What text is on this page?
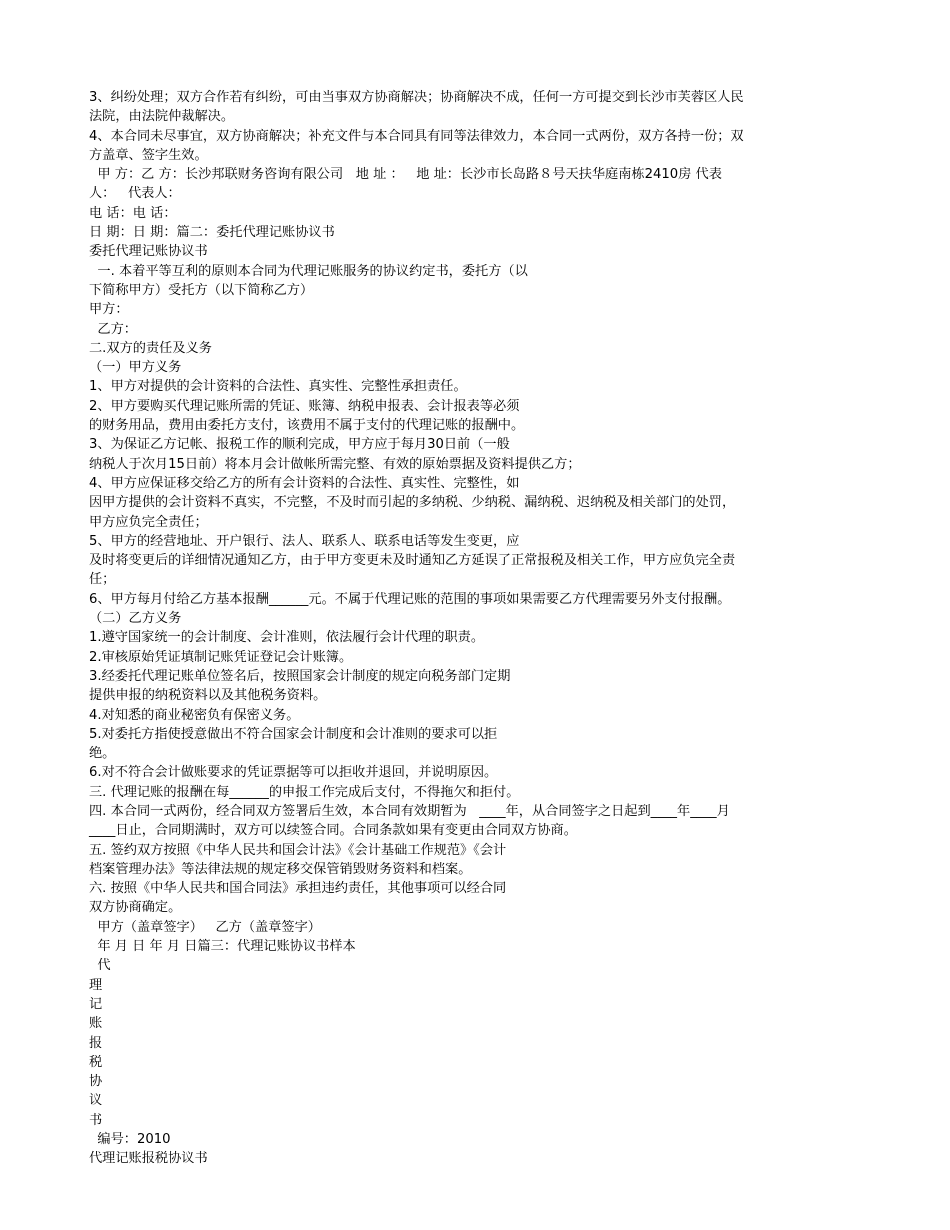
3、纠纷处理；双方合作若有纠纷，可由当事双方协商解决；协商解决不成，任何一方可提交到长沙市芙蓉区人民
法院，由法院仲裁解决。
4、本合同未尽事宜，双方协商解决；补充文件与本合同具有同等法律效力，本合同一式两份，双方各持一份；双
方盖章、签字生效。
甲 方：乙 方：长沙邦联财务咨询有限公司   地 址 ：   地 址：长沙市长岛路８号天扶华庭南栋2410房 代表
人：   代表人：
电 话：电 话：
日 期：日 期：篇二：委托代理记账协议书
委托代理记账协议书
一. 本着平等互利的原则本合同为代理记账服务的协议约定书，委托方（以
下简称甲方）受托方（以下简称乙方）
甲方：
乙方：
二.双方的责任及义务
（一）甲方义务
1、甲方对提供的会计资料的合法性、真实性、完整性承担责任。
2、甲方要购买代理记账所需的凭证、账簿、纳税申报表、会计报表等必须
的财务用品，费用由委托方支付，该费用不属于支付的代理记账的报酬中。
3、为保证乙方记帐、报税工作的顺利完成，甲方应于每月30日前（一般
纳税人于次月15日前）将本月会计做帐所需完整、有效的原始票据及资料提供乙方；
4、甲方应保证移交给乙方的所有会计资料的合法性、真实性、完整性，如
因甲方提供的会计资料不真实，不完整，不及时而引起的多纳税、少纳税、漏纳税、迟纳税及相关部门的处罚，
甲方应负完全责任；
5、甲方的经营地址、开户银行、法人、联系人、联系电话等发生变更，应
及时将变更后的详细情况通知乙方，由于甲方变更未及时通知乙方延误了正常报税及相关工作，甲方应负完全责
任；
6、甲方每月付给乙方基本报酬______元。不属于代理记账的范围的事项如果需要乙方代理需要另外支付报酬。
（二）乙方义务
1.遵守国家统一的会计制度、会计准则，依法履行会计代理的职责。
2.审核原始凭证填制记账凭证登记会计账簿。
3.经委托代理记账单位签名后，按照国家会计制度的规定向税务部门定期
提供申报的纳税资料以及其他税务资料。
4.对知悉的商业秘密负有保密义务。
5.对委托方指使授意做出不符合国家会计制度和会计准则的要求可以拒
绝。
6.对不符合会计做账要求的凭证票据等可以拒收并退回，并说明原因。
三. 代理记账的报酬在每______的申报工作完成后支付，不得拖欠和拒付。
四. 本合同一式两份，经合同双方签署后生效，本合同有效期暂为   ____年，从合同签字之日起到____年____月
____日止，合同期满时，双方可以续签合同。合同条款如果有变更由合同双方协商。
五. 签约双方按照《中华人民共和国会计法》《会计基础工作规范》《会计
档案管理办法》等法律法规的规定移交保管销毁财务资料和档案。
六. 按照《中华人民共和国合同法》承担违约责任，其他事项可以经合同
双方协商确定。
甲方（盖章签字）   乙方（盖章签字）
年 月 日 年 月 日篇三：代理记账协议书样本
代
理
记
账
报
税
协
议
书
编号：2010
代理记账报税协议书
